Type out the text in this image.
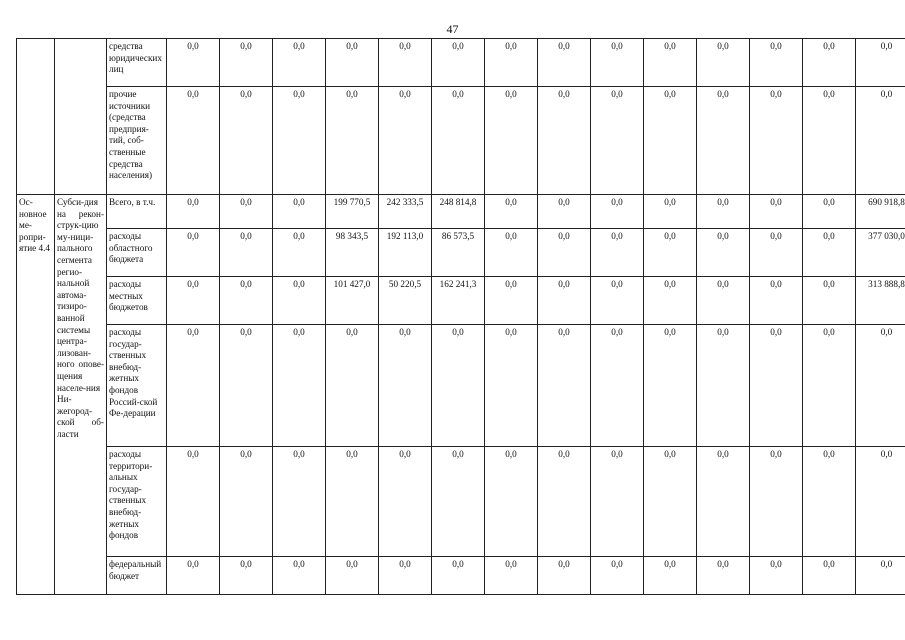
47
		средства юридических лиц	0,0	0,0	0,0	0,0	0,0	0,0	0,0	0,0	0,0	0,0	0,0	0,0	0,0	0,0
		прочие источники (средства предприя-тий, соб-ственные средства населения)	0,0	0,0	0,0	0,0	0,0	0,0	0,0	0,0	0,0	0,0	0,0	0,0	0,0	0,0
Ос-новное ме-ропри-ятие 4.4	Субси-дия на рекон-струк-цию му-ници-пального сегмента регио-нальной автома-тизиро-ванной системы центра-лизован-ного опове-щения населе-ния Ни-жегород-ской об-ласти	Всего, в т.ч.	0,0	0,0	0,0	199 770,5	242 333,5	248 814,8	0,0	0,0	0,0	0,0	0,0	0,0	0,0	690 918,8
		расходы областного бюджета	0,0	0,0	0,0	98 343,5	192 113,0	86 573,5	0,0	0,0	0,0	0,0	0,0	0,0	0,0	377 030,0
		расходы местных бюджетов	0,0	0,0	0,0	101 427,0	50 220,5	162 241,3	0,0	0,0	0,0	0,0	0,0	0,0	0,0	313 888,8
		расходы государ-ственных внебюд-жетных фондов Россий-ской Фе-дерации	0,0	0,0	0,0	0,0	0,0	0,0	0,0	0,0	0,0	0,0	0,0	0,0	0,0	0,0
		расходы территори-альных государ-ственных внебюд-жетных фондов	0,0	0,0	0,0	0,0	0,0	0,0	0,0	0,0	0,0	0,0	0,0	0,0	0,0	0,0
		федеральный бюджет	0,0	0,0	0,0	0,0	0,0	0,0	0,0	0,0	0,0	0,0	0,0	0,0	0,0	0,0
